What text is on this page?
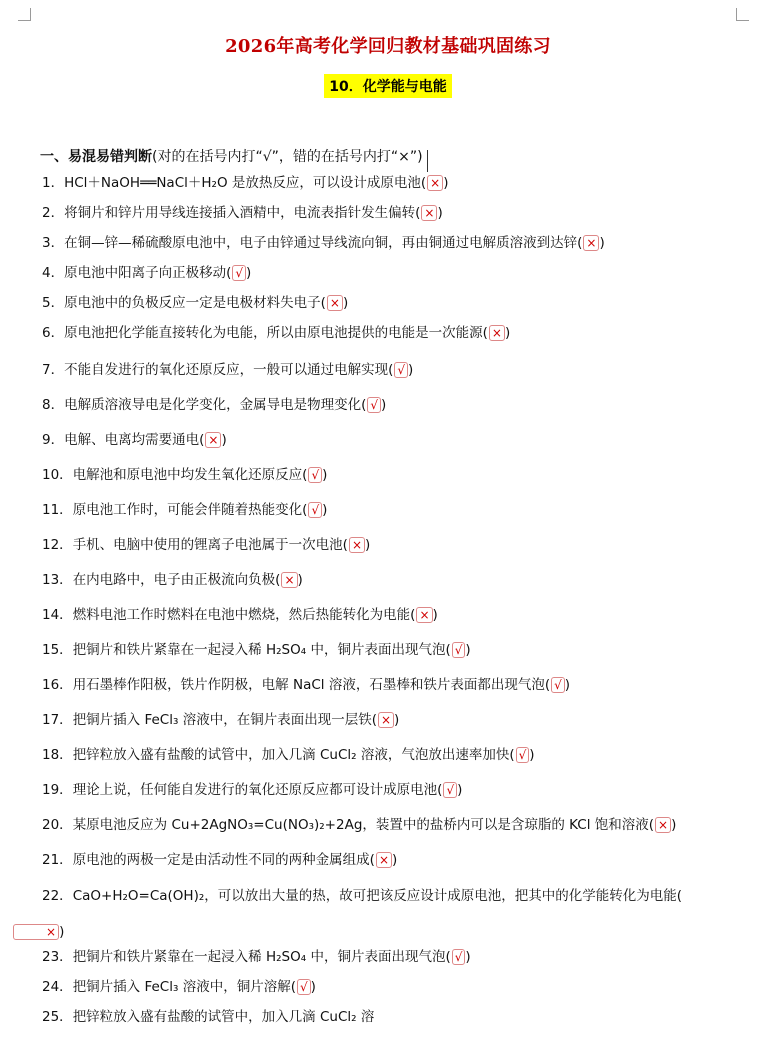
2026年高考化学回归教材基础巩固练习
10．化学能与电能
一、易混易错判断(对的在括号内打“√”，错的在括号内打“×”)
1．HCl＋NaOH══NaCl＋H₂O 是放热反应，可以设计成原电池( × )
2．将铜片和锌片用导线连接插入酒精中，电流表指针发生偏转( × )
3．在铜—锌—稀硫酸原电池中，电子由锌通过导线流向铜，再由铜通过电解质溶液到达锌( × )
4．原电池中阳离子向正极移动( √ )
5．原电池中的负极反应一定是电极材料失电子( × )
6．原电池把化学能直接转化为电能，所以由原电池提供的电能是一次能源( × )
7．不能自发进行的氧化还原反应，一般可以通过电解实现( √ )
8．电解质溶液导电是化学变化，金属导电是物理变化( √ )
9．电解、电离均需要通电( × )
10．电解池和原电池中均发生氧化还原反应( √ )
11．原电池工作时，可能会伴随着热能变化( √ )
12．手机、电脑中使用的锂离子电池属于一次电池( × )
13．在内电路中，电子由正极流向负极( × )
14．燃料电池工作时燃料在电池中燃烧，然后热能转化为电能( × )
15．把铜片和铁片紧靠在一起浸入稀 H₂SO₄ 中，铜片表面出现气泡( √ )
16．用石墨棒作阳极，铁片作阴极，电解 NaCl 溶液，石墨棒和铁片表面都出现气泡( √ )
17．把铜片插入 FeCl₃ 溶液中，在铜片表面出现一层铁( × )
18．把锌粒放入盛有盐酸的试管中，加入几滴 CuCl₂ 溶液，气泡放出速率加快( √ )
19．理论上说，任何能自发进行的氧化还原反应都可设计成原电池( √ )
20．某原电池反应为 Cu+2AgNO₃=Cu(NO₃)₂+2Ag，装置中的盐桥内可以是含琼脂的 KCl 饱和溶液( × )
21．原电池的两极一定是由活动性不同的两种金属组成( × )
22．CaO+H₂O=Ca(OH)₂，可以放出大量的热，故可把该反应设计成原电池，把其中的化学能转化为电能(× )
23．把铜片和铁片紧靠在一起浸入稀 H₂SO₄ 中，铜片表面出现气泡( √ )
24．把铜片插入 FeCl₃ 溶液中，铜片溶解( √ )
25．把锌粒放入盛有盐酸的试管中，加入几滴 CuCl₂ 溶
